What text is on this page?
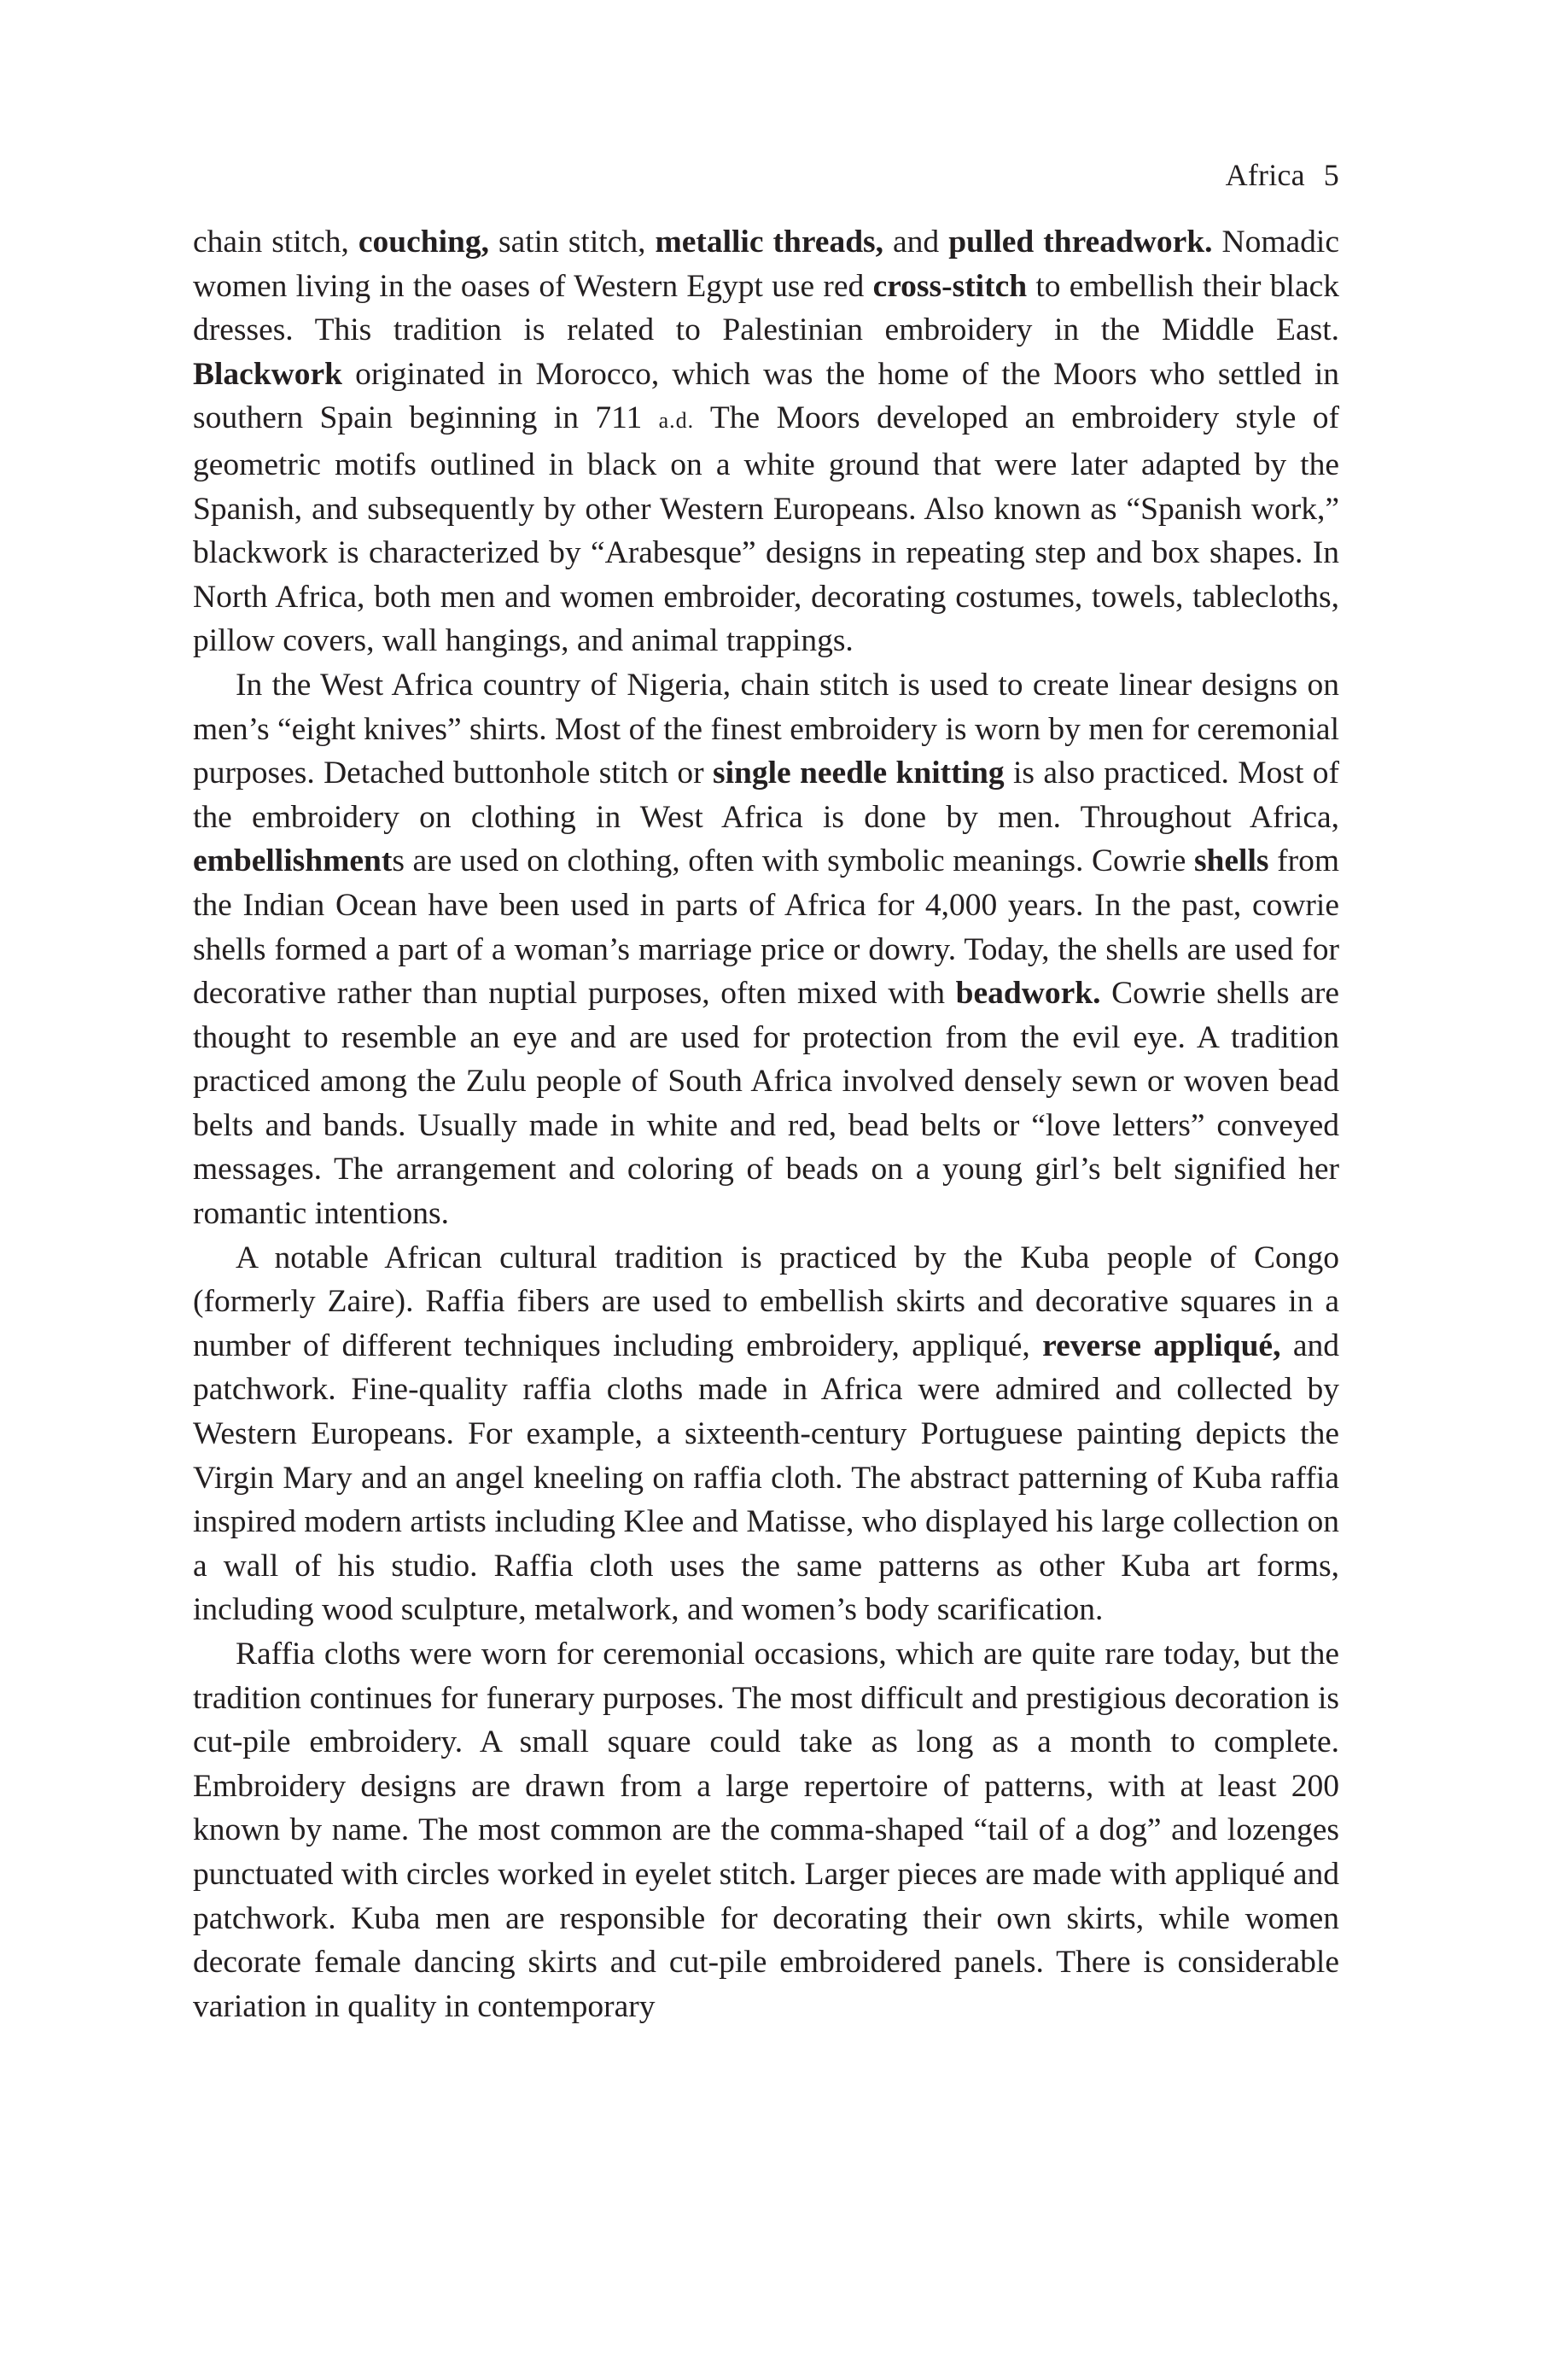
Africa 5

chain stitch, couching, satin stitch, metallic threads, and pulled threadwork. Nomadic women living in the oases of Western Egypt use red cross-stitch to embellish their black dresses. This tradition is related to Palestinian embroidery in the Middle East. Blackwork originated in Morocco, which was the home of the Moors who settled in southern Spain beginning in 711 a.d. The Moors developed an embroidery style of geometric motifs outlined in black on a white ground that were later adapted by the Spanish, and subsequently by other Western Europeans. Also known as “Spanish work,” blackwork is characterized by “Arabesque” designs in repeating step and box shapes. In North Africa, both men and women embroider, decorating costumes, towels, tablecloths, pillow covers, wall hangings, and animal trappings.

In the West Africa country of Nigeria, chain stitch is used to create linear designs on men’s “eight knives” shirts. Most of the finest embroidery is worn by men for ceremonial purposes. Detached buttonhole stitch or single needle knitting is also practiced. Most of the embroidery on clothing in West Africa is done by men. Throughout Africa, embellishments are used on clothing, often with symbolic meanings. Cowrie shells from the Indian Ocean have been used in parts of Africa for 4,000 years. In the past, cowrie shells formed a part of a woman’s marriage price or dowry. Today, the shells are used for decorative rather than nuptial purposes, often mixed with beadwork. Cowrie shells are thought to resemble an eye and are used for protection from the evil eye. A tradition practiced among the Zulu people of South Africa involved densely sewn or woven bead belts and bands. Usually made in white and red, bead belts or “love letters” conveyed messages. The arrangement and coloring of beads on a young girl’s belt signified her romantic intentions.

A notable African cultural tradition is practiced by the Kuba people of Congo (formerly Zaire). Raffia fibers are used to embellish skirts and decorative squares in a number of different techniques including embroidery, appliqué, reverse appliqué, and patchwork. Fine-quality raffia cloths made in Africa were admired and collected by Western Europeans. For example, a sixteenth-century Portuguese painting depicts the Virgin Mary and an angel kneeling on raffia cloth. The abstract patterning of Kuba raffia inspired modern artists including Klee and Matisse, who displayed his large collection on a wall of his studio. Raffia cloth uses the same patterns as other Kuba art forms, including wood sculpture, metalwork, and women’s body scarification.

Raffia cloths were worn for ceremonial occasions, which are quite rare today, but the tradition continues for funerary purposes. The most difficult and prestigious decoration is cut-pile embroidery. A small square could take as long as a month to complete. Embroidery designs are drawn from a large repertoire of patterns, with at least 200 known by name. The most common are the comma-shaped “tail of a dog” and lozenges punctuated with circles worked in eyelet stitch. Larger pieces are made with appliqué and patchwork. Kuba men are responsible for decorating their own skirts, while women decorate female dancing skirts and cut-pile embroidered panels. There is considerable variation in quality in contemporary
